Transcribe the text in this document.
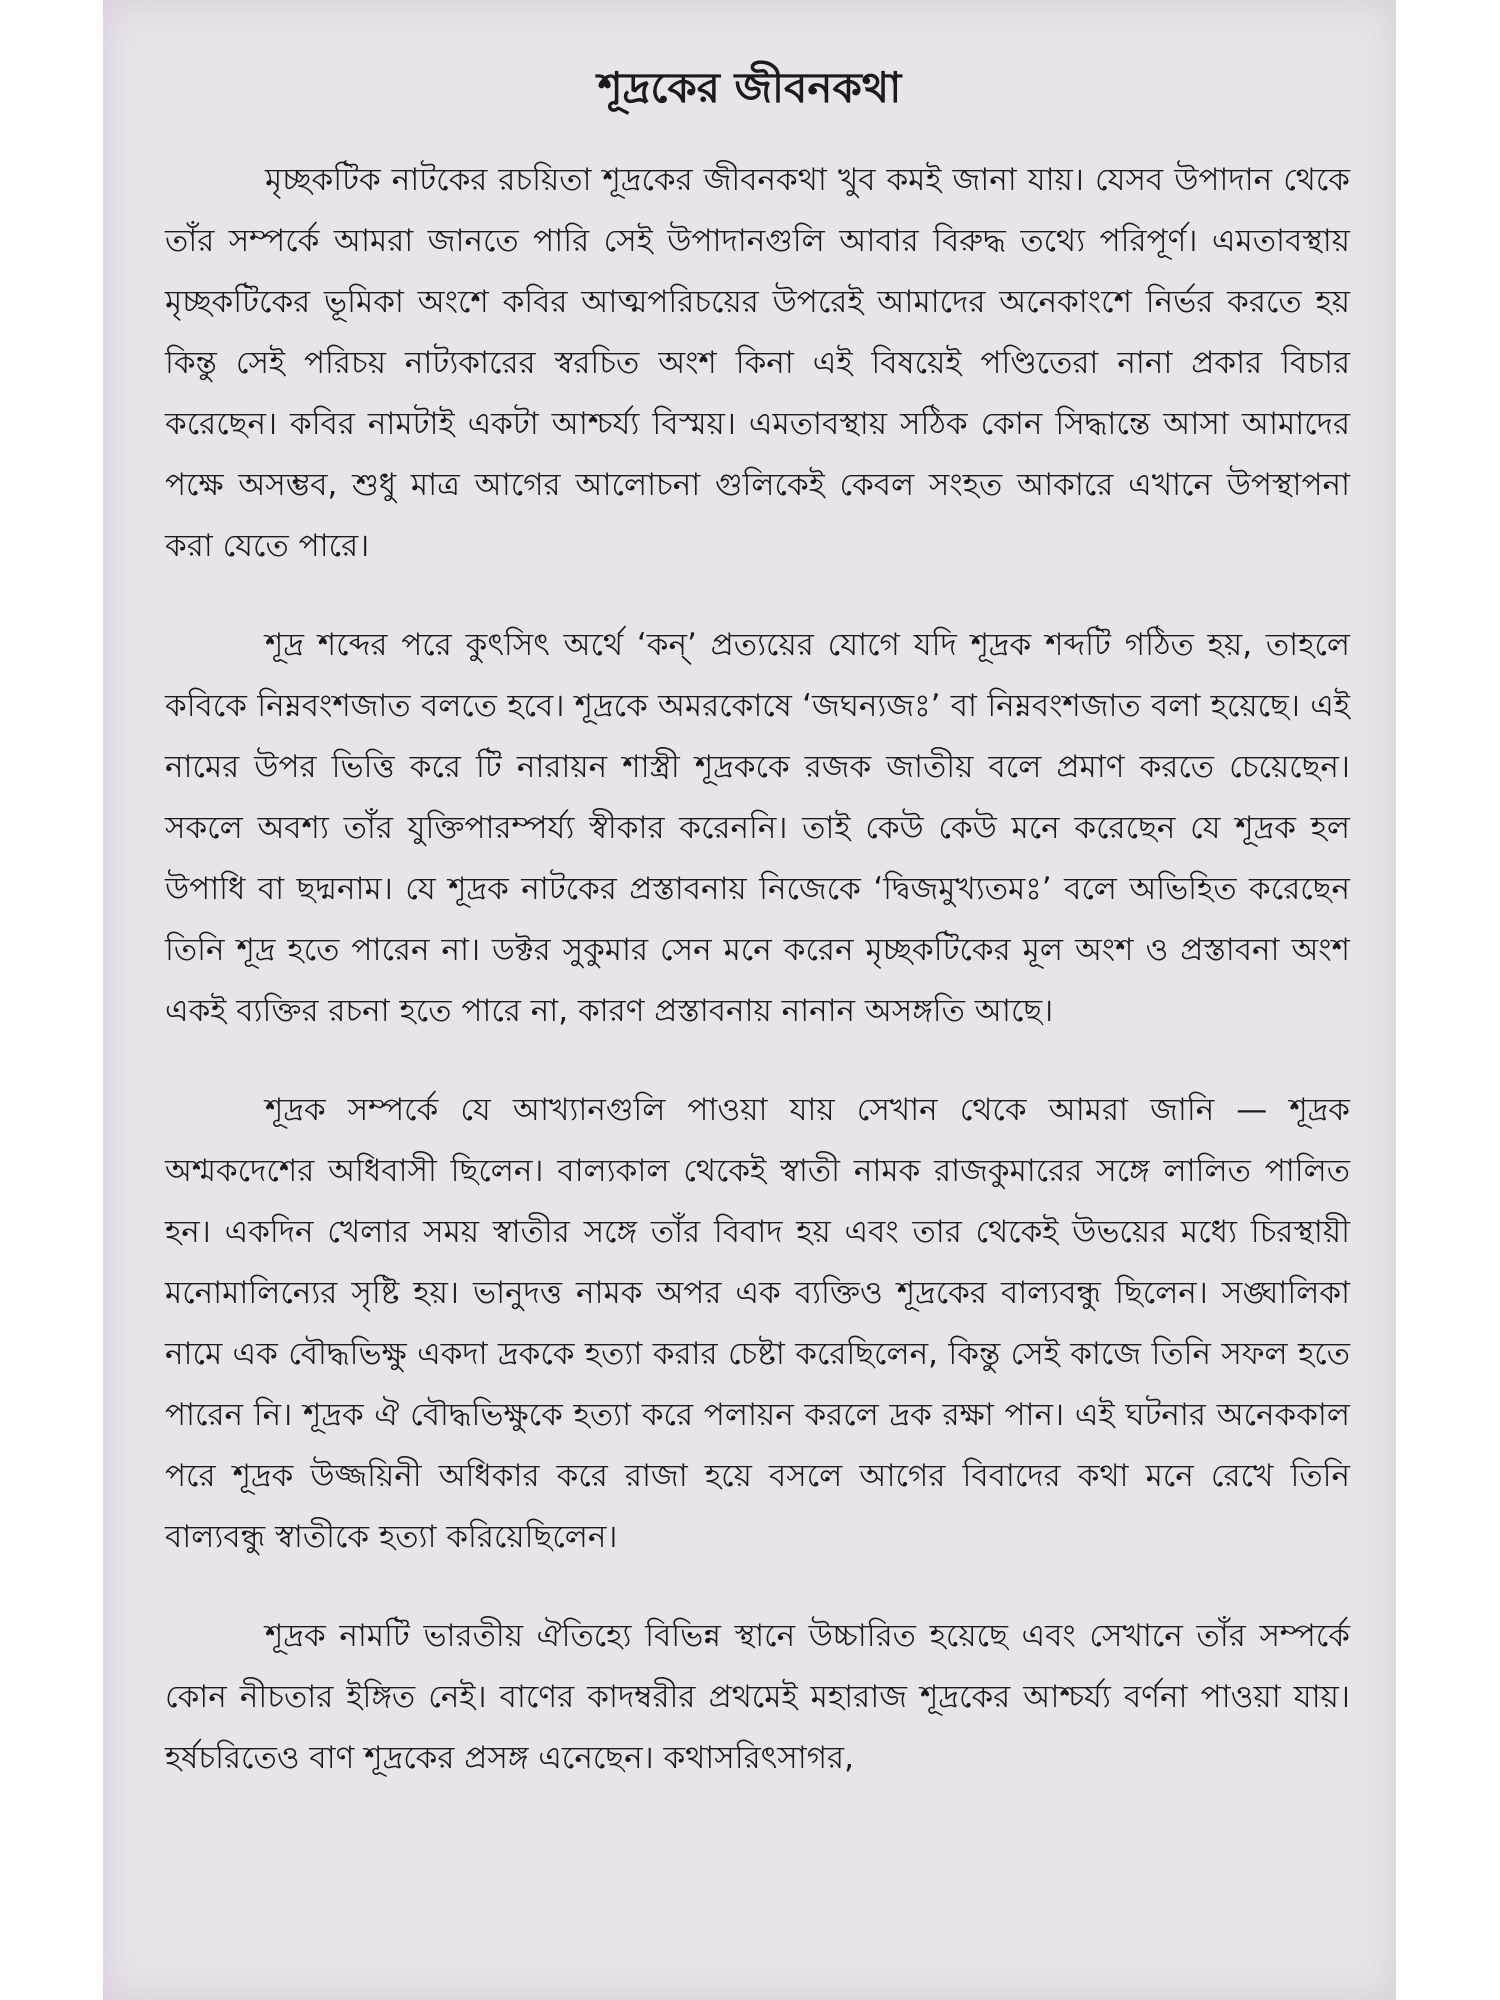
শূদ্রকের জীবনকথা

মৃচ্ছকটিক নাটকের রচয়িতা শূদ্রকের জীবনকথা খুব কমই জানা যায়। যেসব উপাদান থেকে তাঁর সম্পর্কে আমরা জানতে পারি সেই উপাদানগুলি আবার বিরুদ্ধ তথ্যে পরিপূর্ণ। এমতাবস্থায় মৃচ্ছকটিকের ভূমিকা অংশে কবির আত্মপরিচয়ের উপরেই আমাদের অনেকাংশে নির্ভর করতে হয় কিন্তু সেই পরিচয় নাট্যকারের স্বরচিত অংশ কিনা এই বিষয়েই পণ্ডিতেরা নানা প্রকার বিচার করেছেন। কবির নামটাই একটা আশ্চর্য্য বিস্ময়। এমতাবস্থায় সঠিক কোন সিদ্ধান্তে আসা আমাদের পক্ষে অসম্ভব, শুধু মাত্র আগের আলোচনা গুলিকেই কেবল সংহত আকারে এখানে উপস্থাপনা করা যেতে পারে।

শূদ্র শব্দের পরে কুৎসিৎ অর্থে ‘কন্’ প্রত্যয়ের যোগে যদি শূদ্রক শব্দটি গঠিত হয়, তাহলে কবিকে নিম্নবংশজাত বলতে হবে। শূদ্রকে অমরকোষে ‘জঘন্যজঃ’ বা নিম্নবংশজাত বলা হয়েছে। এই নামের উপর ভিত্তি করে টি নারায়ন শাস্ত্রী শূদ্রককে রজক জাতীয় বলে প্রমাণ করতে চেয়েছেন। সকলে অবশ্য তাঁর যুক্তিপারম্পর্য্য স্বীকার করেননি। তাই কেউ কেউ মনে করেছেন যে শূদ্রক হল উপাধি বা ছদ্মনাম। যে শূদ্রক নাটকের প্রস্তাবনায় নিজেকে ‘দ্বিজমুখ্যতমঃ’ বলে অভিহিত করেছেন তিনি শূদ্র হতে পারেন না। ডক্টর সুকুমার সেন মনে করেন মৃচ্ছকটিকের মূল অংশ ও প্রস্তাবনা অংশ একই ব্যক্তির রচনা হতে পারে না, কারণ প্রস্তাবনায় নানান অসঙ্গতি আছে।

শূদ্রক সম্পর্কে যে আখ্যানগুলি পাওয়া যায় সেখান থেকে আমরা জানি — শূদ্রক অশ্মকদেশের অধিবাসী ছিলেন। বাল্যকাল থেকেই স্বাতী নামক রাজকুমারের সঙ্গে লালিত পালিত হন। একদিন খেলার সময় স্বাতীর সঙ্গে তাঁর বিবাদ হয় এবং তার থেকেই উভয়ের মধ্যে চিরস্থায়ী মনোমালিন্যের সৃষ্টি হয়। ভানুদত্ত নামক অপর এক ব্যক্তিও শূদ্রকের বাল্যবন্ধু ছিলেন। সঙ্ঘালিকা নামে এক বৌদ্ধভিক্ষু একদা দ্রককে হত্যা করার চেষ্টা করেছিলেন, কিন্তু সেই কাজে তিনি সফল হতে পারেন নি। শূদ্রক ঐ বৌদ্ধভিক্ষুকে হত্যা করে পলায়ন করলে দ্রক রক্ষা পান। এই ঘটনার অনেককাল পরে শূদ্রক উজ্জয়িনী অধিকার করে রাজা হয়ে বসলে আগের বিবাদের কথা মনে রেখে তিনি বাল্যবন্ধু স্বাতীকে হত্যা করিয়েছিলেন।

শূদ্রক নামটি ভারতীয় ঐতিহ্যে বিভিন্ন স্থানে উচ্চারিত হয়েছে এবং সেখানে তাঁর সম্পর্কে কোন নীচতার ইঙ্গিত নেই। বাণের কাদম্বরীর প্রথমেই মহারাজ শূদ্রকের আশ্চর্য্য বর্ণনা পাওয়া যায়। হর্ষচরিতেও বাণ শূদ্রকের প্রসঙ্গ এনেছেন। কথাসরিৎসাগর,
